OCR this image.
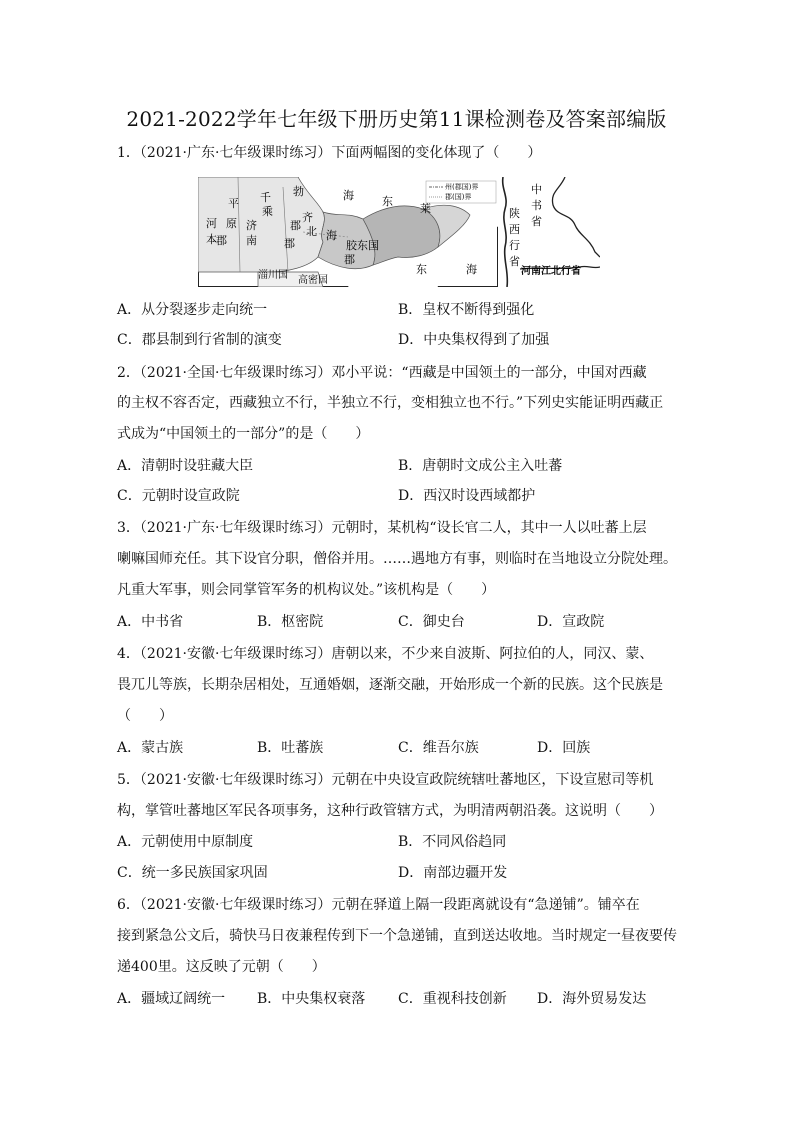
2021-2022学年七年级下册历史第11课检测卷及答案部编版
1．（2021·广东·七年级课时练习）下面两幅图的变化体现了（　　）
州(郡国)界
郡(国)界
平 千 勃	海
河
乘
原 济	郡
齐
东
莱
本	南
北
郡	郡	胶东国
海
郡
淄川国 高密国
东	海
中
书
省
陕
西
行
省
河南江北行省
A．从分裂逐步走向统一	B．皇权不断得到强化
C．郡县制到行省制的演变	D．中央集权得到了加强
2．（2021·全国·七年级课时练习）邓小平说：“西藏是中国领土的一部分，中国对西藏
的主权不容否定，西藏独立不行，半独立不行，变相独立也不行。”下列史实能证明西藏正
式成为“中国领土的一部分”的是（　　）
A．清朝时设驻藏大臣	B．唐朝时文成公主入吐蕃
C．元朝时设宣政院	D．西汉时设西域都护
3．（2021·广东·七年级课时练习）元朝时，某机构“设长官二人，其中一人以吐蕃上层
喇嘛国师充任。其下设官分职，僧俗并用。……遇地方有事，则临时在当地设立分院处理。
凡重大军事，则会同掌管军务的机构议处。”该机构是（　　）
A．中书省	B．枢密院	C．御史台	D．宣政院
4．（2021·安徽·七年级课时练习）唐朝以来，不少来自波斯、阿拉伯的人，同汉、蒙、
畏兀儿等族，长期杂居相处，互通婚姻，逐渐交融，开始形成一个新的民族。这个民族是
（　　）
A．蒙古族	B．吐蕃族	C．维吾尔族	D．回族
5．（2021·安徽·七年级课时练习）元朝在中央设宣政院统辖吐蕃地区，下设宣慰司等机
构，掌管吐蕃地区军民各项事务，这种行政管辖方式，为明清两朝沿袭。这说明（　　）
A．元朝使用中原制度	B．不同风俗趋同
C．统一多民族国家巩固	D．南部边疆开发
6．（2021·安徽·七年级课时练习）元朝在驿道上隔一段距离就设有“急递铺”。铺卒在
接到紧急公文后，骑快马日夜兼程传到下一个急递铺，直到送达收地。当时规定一昼夜要传
递400里。这反映了元朝（　　）
A．疆域辽阔统一 B．中央集权衰落 C．重视科技创新 D．海外贸易发达
